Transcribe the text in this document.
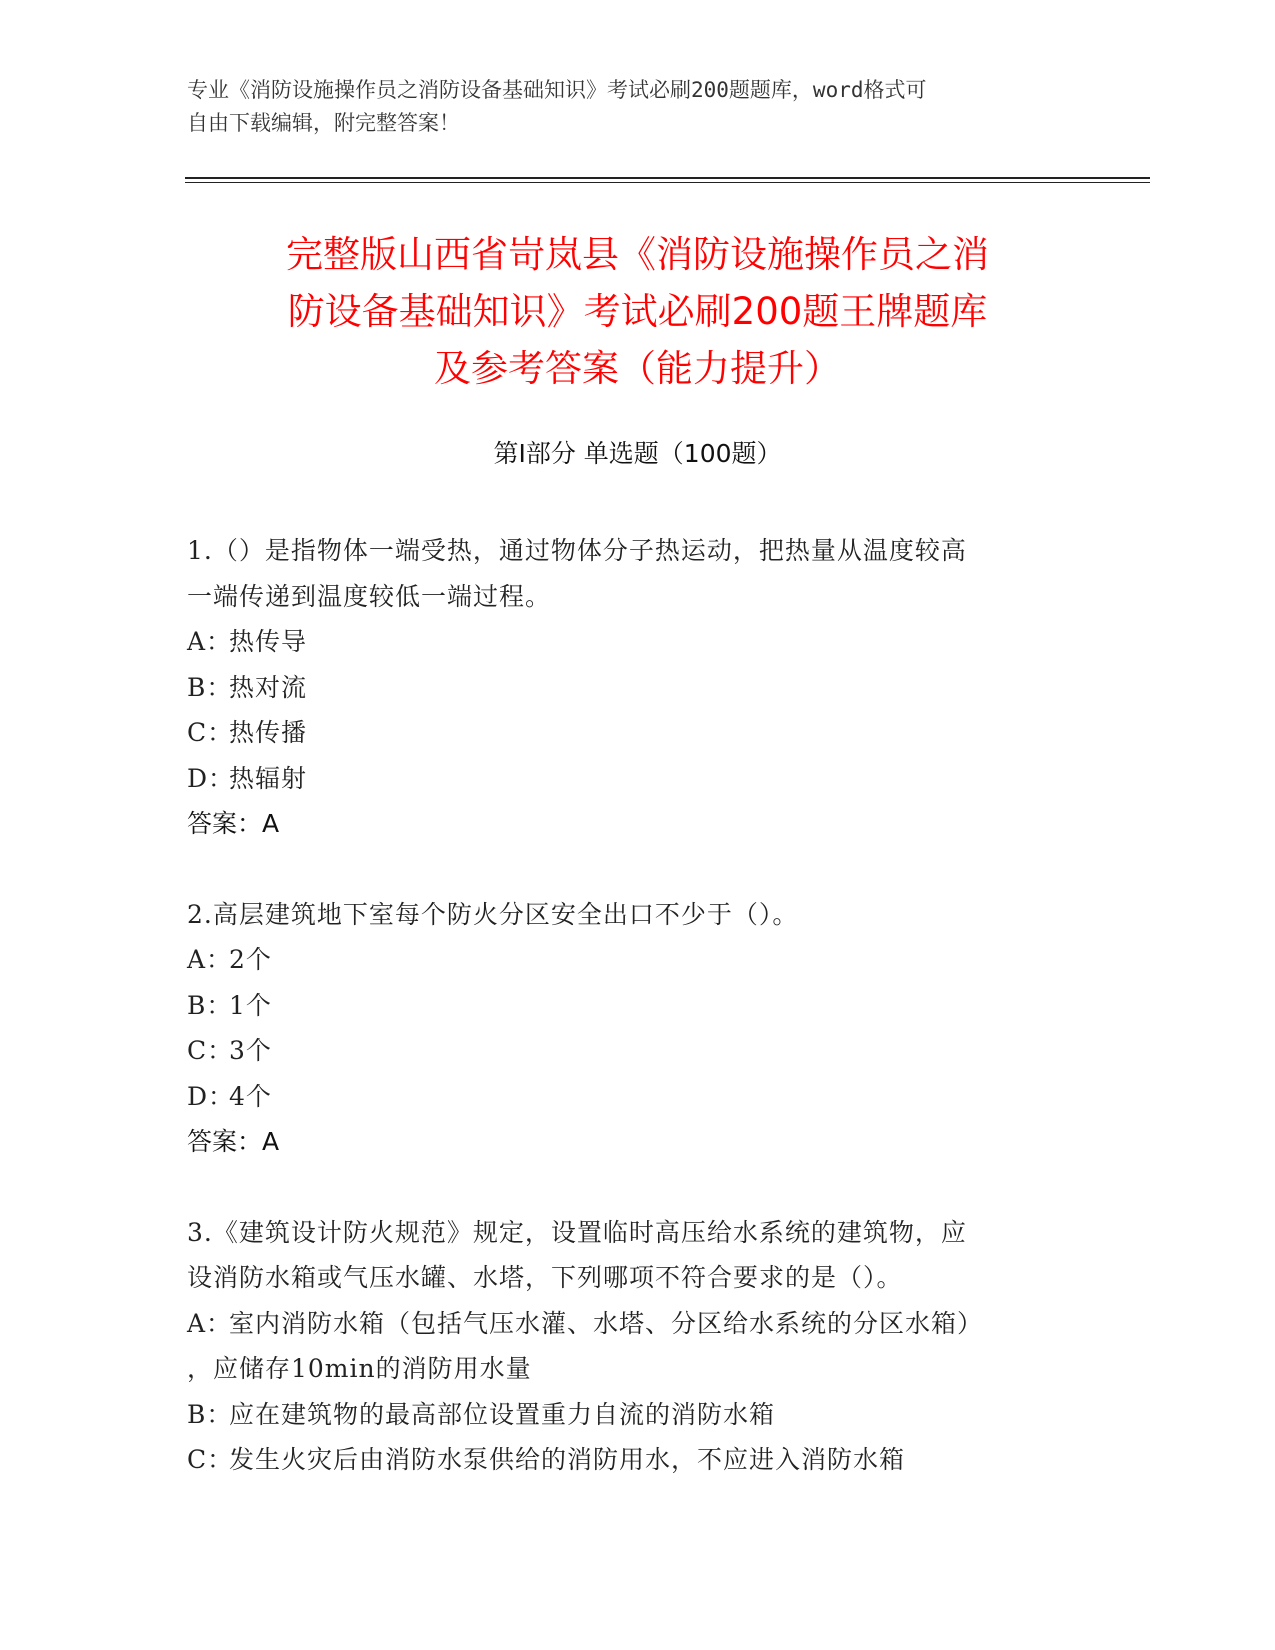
专业《消防设施操作员之消防设备基础知识》考试必刷200题题库，word格式可
自由下载编辑，附完整答案！
完整版山西省岢岚县《消防设施操作员之消
防设备基础知识》考试必刷200题王牌题库
及参考答案（能力提升）
第I部分 单选题（100题）
1.（）是指物体一端受热，通过物体分子热运动，把热量从温度较高
一端传递到温度较低一端过程。
A：热传导
B：热对流
C：热传播
D：热辐射
答案：A
2.高层建筑地下室每个防火分区安全出口不少于（）。
A：2个
B：1个
C：3个
D：4个
答案：A
3.《建筑设计防火规范》规定，设置临时高压给水系统的建筑物，应
设消防水箱或气压水罐、水塔，下列哪项不符合要求的是（）。
A：室内消防水箱（包括气压水灌、水塔、分区给水系统的分区水箱）
，应储存10min的消防用水量
B：应在建筑物的最高部位设置重力自流的消防水箱
C：发生火灾后由消防水泵供给的消防用水，不应进入消防水箱
